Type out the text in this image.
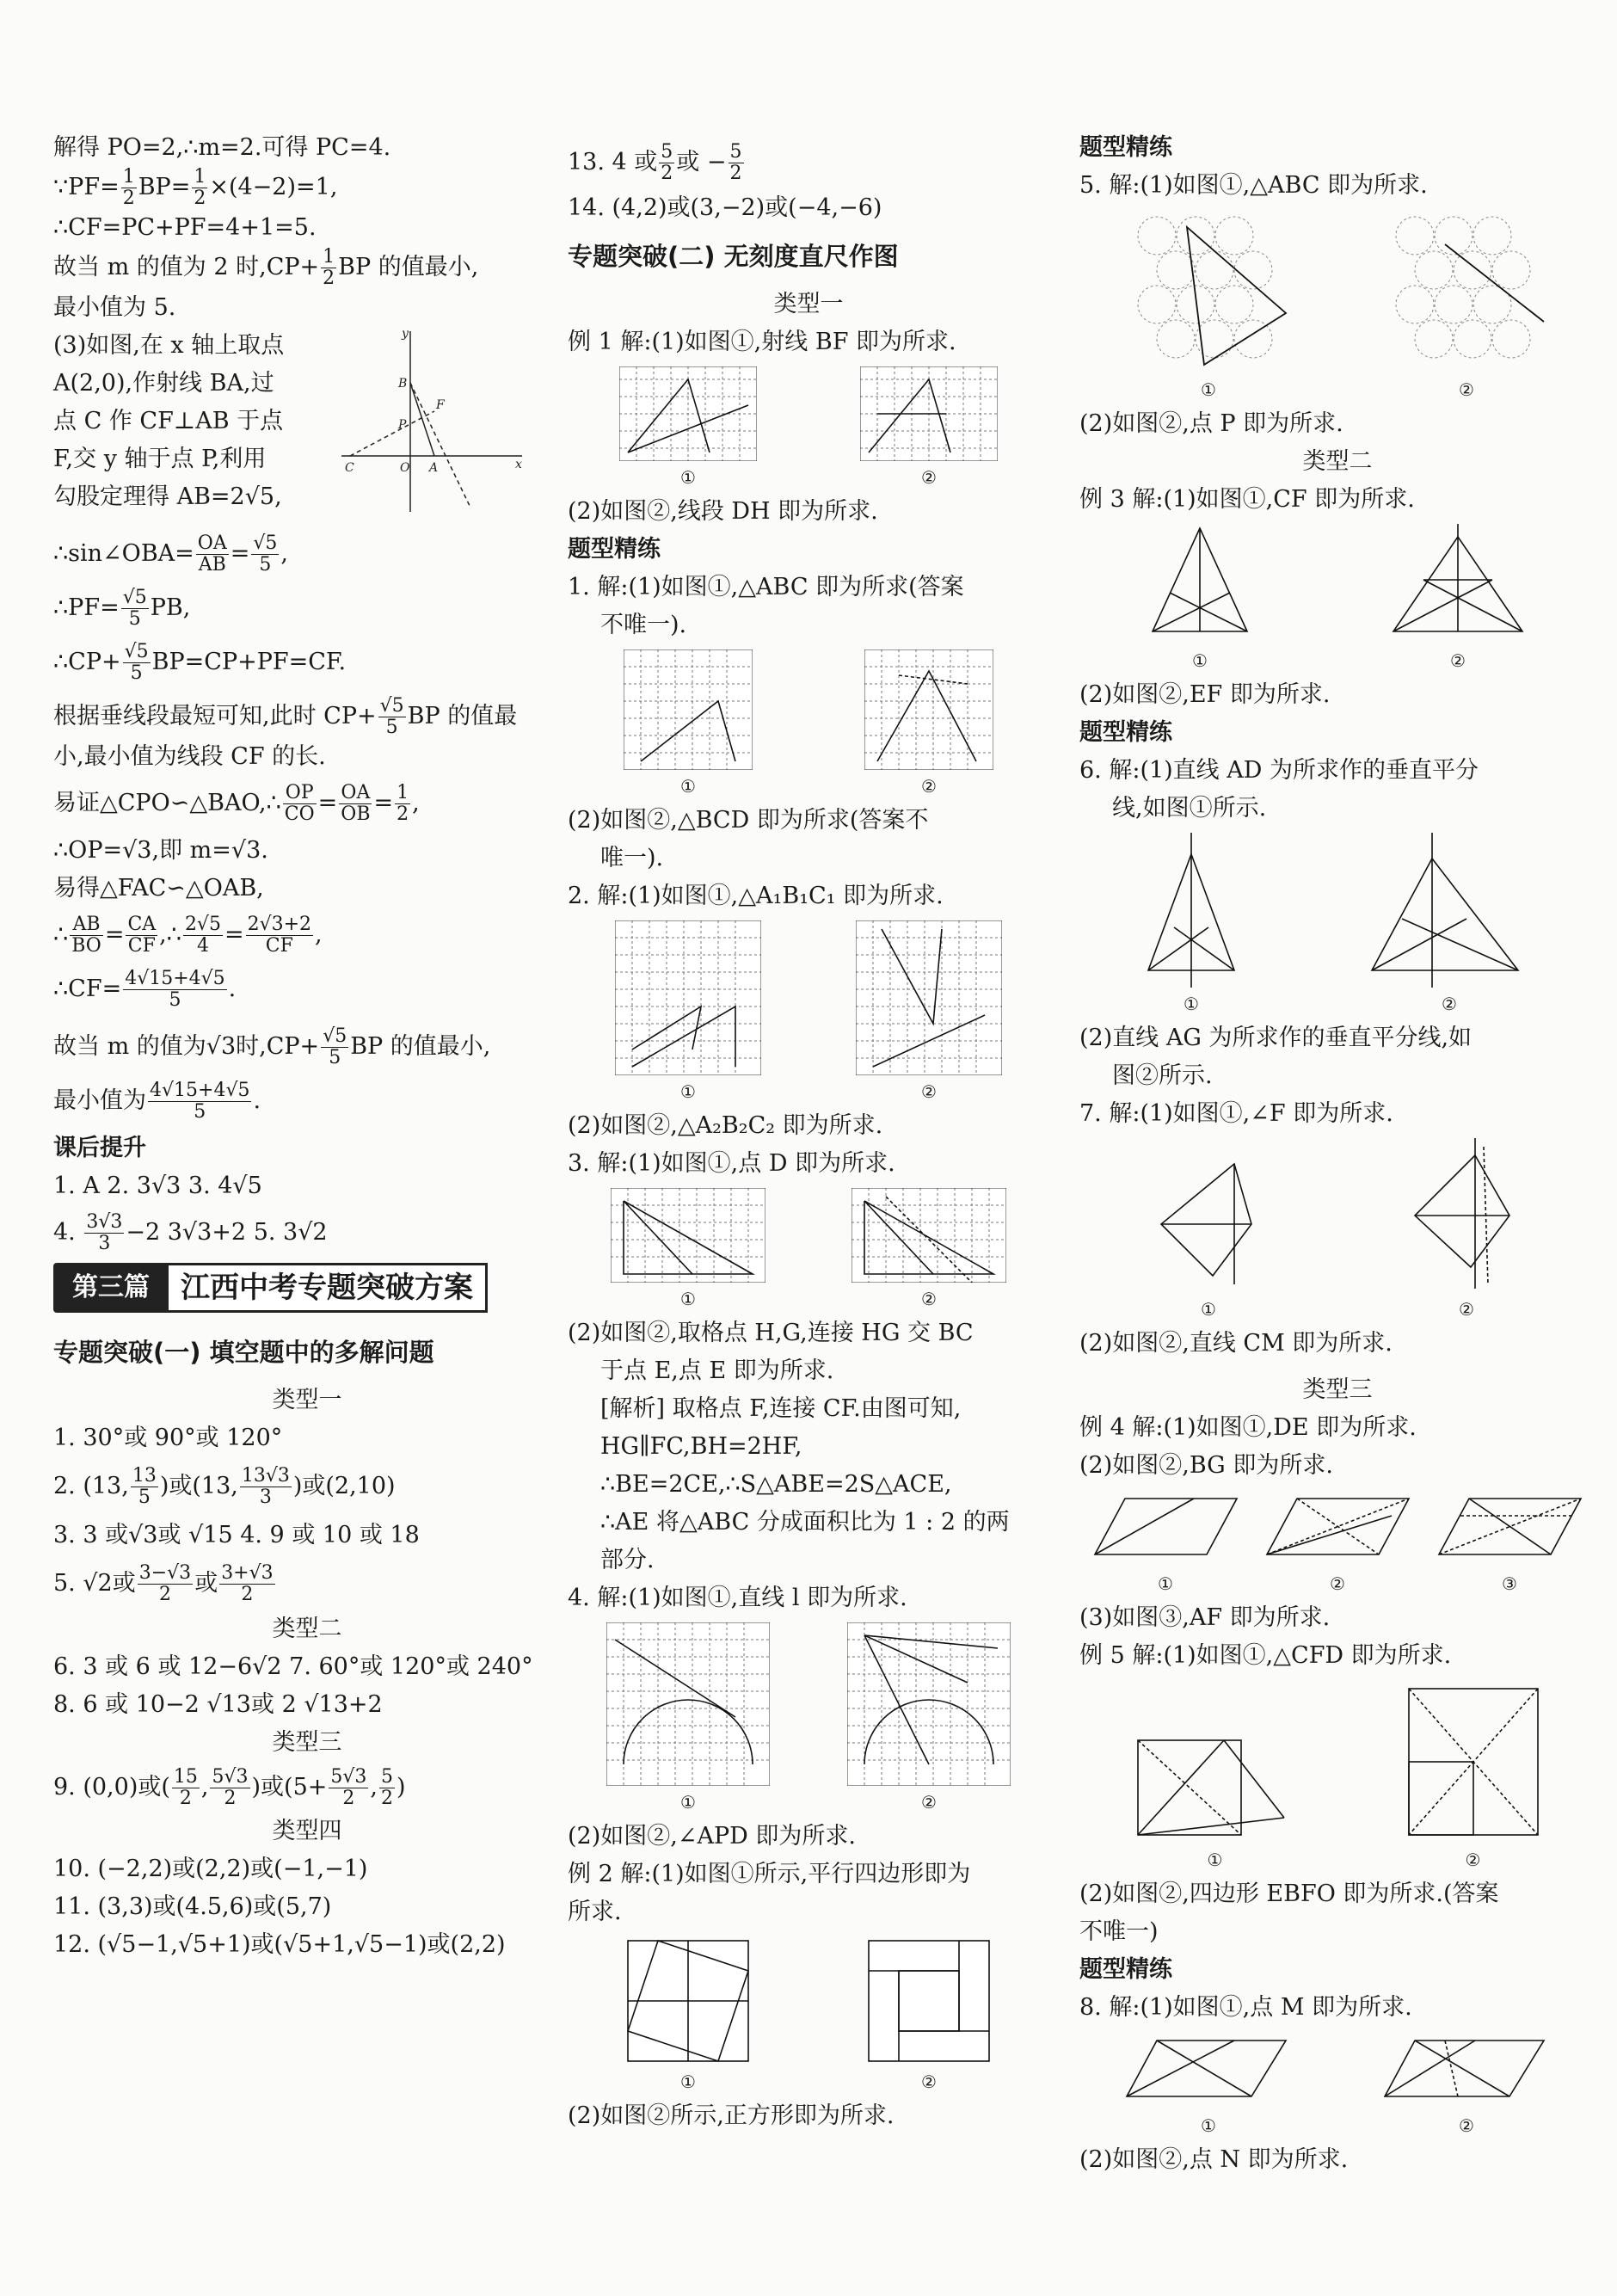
解得 PO=2,∴m=2.可得 PC=4.
∵PF= $\frac{1}{2} BP= \frac{1}{2} \times(4-2)=1$,
∴CF=PC+PF=4+1=5.
故当 m 的值为 2 时$,CP+ \frac{1}{2}$ BP 的值最小,
最小值为 5.
(3)如图,在 x 轴上取点
A(2,0),作射线 BA,过
点 C 作 CF⊥AB 于点
F,交 y 轴于点 P,利用
勾股定理得 AB=2√5,
y
x
B
F
P
C	O A
∴sin∠OBA= $\frac{OA}{AB} = \frac{√5}{5}$ ,
∴PF= $\frac{√5}{5}$ PB,
∴CP+ $\frac{√5}{5} BP=CP+PF=CF$.
根据垂线段最短可知,此时 $CP+ \frac{√5}{5}$ BP 的值最
小,最小值为线段 CF 的长.
易证△CPO∽△BAO,∴ $\frac{OP}{CO} = \frac{OA}{OB} = \frac{1}{2}$ ,
∴OP=√3,即 m=√3.
易得△FAC∽△OAB,
∴ $\frac{AB}{BO} = \frac{CA}{CF}$ ,∴ $\frac{2√5}{4} = \frac{2√3+2}{CF}$ ,
∴CF= $\frac{4√15+4√5}{5}$ .
故当 m 的值为√3时$,CP+ \frac{√5}{5}$ BP 的值最小,
最小值为 $\frac{4√15+4√5}{5}$ .
课后提升
1. A 2. 3√3 3. 4√5
4. $\frac{3√3}{3} -2$ 3√3+2 5. 3√2
第三篇	江西中考专题突破方案
专题突破(一) 填空题中的多解问题
类型一
1. 30°或 90°或 120°
2. (13, $\frac{13}{5}$ )或(13, $\frac{13√3}{3}$ )或(2,10)
3. 3 或√3或 √15 4. 9 或 10 或 18
5. √2或 $\frac{3-√3}{2}$ 或 $\frac{3+√3}{2}$
类型二
6. 3 或 6 或 12−6√2 7. 60°或 120°或 240°
8. 6 或 10−2 √13或 2 √13+2
类型三
9. (0,0)或( $\frac{15}{2}$ , $\frac{5√3}{2}$ )或($5+ \frac{5√3}{2}$ , $\frac{5}{2}$ )
类型四
10. (−2,2)或(2,2)或(−1,−1)
11. (3,3)或(4.5,6)或(5,7)
12. (√5−1,√5+1)或(√5+1,√5−1)或(2,2)
13. 4 或 $\frac{5}{2}$ 或 − $\frac{5}{2}$
14. (4,2)或(3,−2)或(−4,−6)
专题突破(二) 无刻度直尺作图
类型一
例 1 解:(1)如图①,射线 BF 即为所求.
①	②
(2)如图②,线段 DH 即为所求.
题型精练
1. 解:(1)如图①,△ABC 即为所求(答案
不唯一).
①	②
(2)如图②,△BCD 即为所求(答案不
唯一).
2. 解:(1)如图①,△A₁B₁C₁ 即为所求.
①	②
(2)如图②,△A₂B₂C₂ 即为所求.
3. 解:(1)如图①,点 D 即为所求.
①	②
(2)如图②,取格点 H,G,连接 HG 交 BC
于点 E,点 E 即为所求.
[解析] 取格点 F,连接 CF.由图可知,
HG∥FC,BH=2HF,
∴BE=2CE,∴S△ABE=2S△ACE,
∴AE 将△ABC 分成面积比为 1 : 2 的两
部分.
4. 解:(1)如图①,直线 l 即为所求.
①	②
(2)如图②,∠APD 即为所求.
例 2 解:(1)如图①所示,平行四边形即为
所求.
①	②
(2)如图②所示,正方形即为所求.
题型精练
5. 解:(1)如图①,△ABC 即为所求.
①	②
(2)如图②,点 P 即为所求.
类型二
例 3 解:(1)如图①,CF 即为所求.
①	②
(2)如图②,EF 即为所求.
题型精练
6. 解:(1)直线 AD 为所求作的垂直平分
线,如图①所示.
①	②
(2)直线 AG 为所求作的垂直平分线,如
图②所示.
7. 解:(1)如图①,∠F 即为所求.
①	②
(2)如图②,直线 CM 即为所求.
类型三
例 4 解:(1)如图①,DE 即为所求.
(2)如图②,BG 即为所求.
①	②	③
(3)如图③,AF 即为所求.
例 5 解:(1)如图①,△CFD 即为所求.
①	②
(2)如图②,四边形 EBFO 即为所求.(答案
不唯一)
题型精练
8. 解:(1)如图①,点 M 即为所求.
①	②
(2)如图②,点 N 即为所求.
